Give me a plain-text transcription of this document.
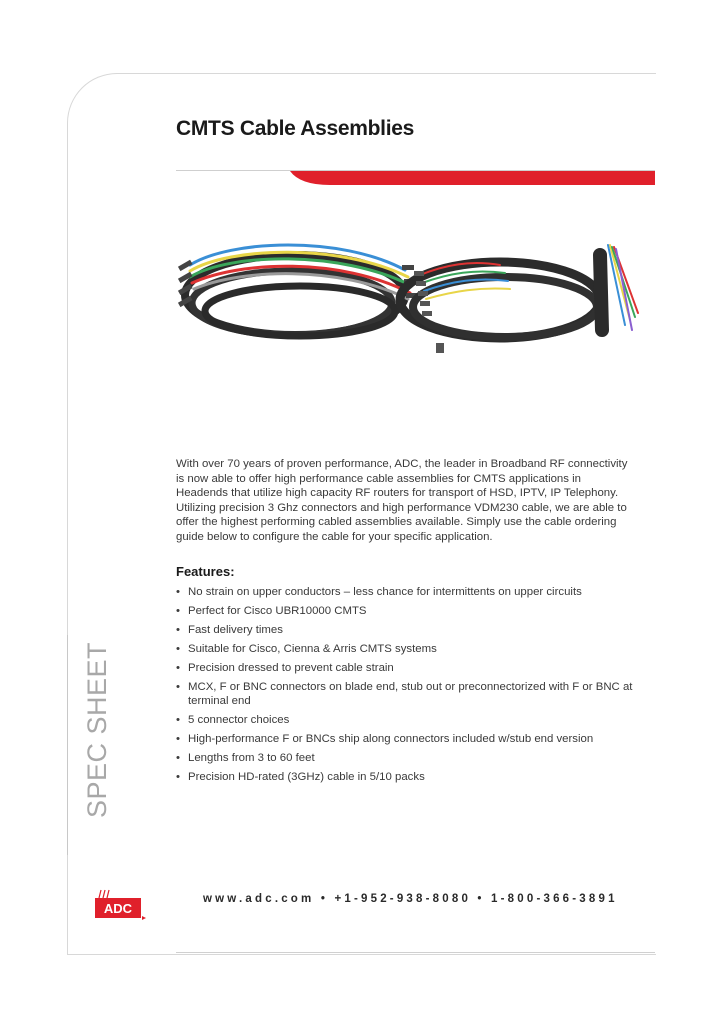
CMTS Cable Assemblies

With over 70 years of proven performance, ADC, the leader in Broadband RF connectivity is now able to offer high performance cable assemblies for CMTS applications in Headends that utilize high capacity RF routers for transport of HSD, IPTV, IP Telephony. Utilizing precision 3 Ghz connectors and high performance VDM230 cable, we are able to offer the highest performing cabled assemblies available. Simply use the cable ordering guide below to configure the cable for your specific application.

Features:
• No strain on upper conductors – less chance for intermittents on upper circuits
• Perfect for Cisco UBR10000 CMTS
• Fast delivery times
• Suitable for Cisco, Cienna & Arris CMTS systems
• Precision dressed to prevent cable strain
• MCX, F or BNC connectors on blade end, stub out or preconnectorized with F or BNC at terminal end
• 5 connector choices
• High-performance F or BNCs ship along connectors included w/stub end version
• Lengths from 3 to 60 feet
• Precision HD-rated (3GHz) cable in 5/10 packs
SPEC SHEET
ADC
www.adc.com • +1-952-938-8080 • 1-800-366-3891
